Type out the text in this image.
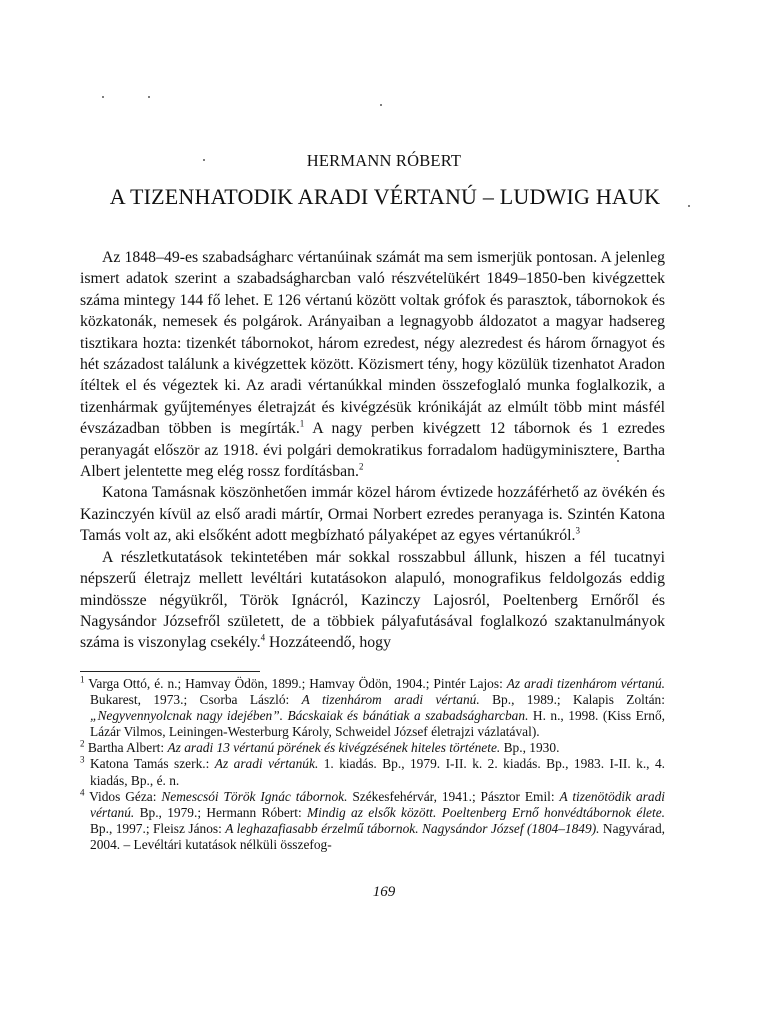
HERMANN RÓBERT
A TIZENHATODIK ARADI VÉRTANÚ – LUDWIG HAUK

Az 1848–49-es szabadságharc vértanúinak számát ma sem ismerjük pontosan. A jelenleg ismert adatok szerint a szabadságharcban való részvételükért 1849–1850-ben kivégzettek száma mintegy 144 fő lehet. E 126 vértanú között voltak grófok és parasztok, tábornokok és közkatonák, nemesek és polgárok. Arányaiban a legnagyobb áldozatot a magyar hadsereg tisztikara hozta: tizenkét tábornokot, három ezredest, négy alezredest és három őrnagyot és hét századost találunk a kivégzettek között. Közismert tény, hogy közülük tizenhatot Aradon ítéltek el és végeztek ki. Az aradi vértanúkkal minden összefoglaló munka foglalkozik, a tizenhármak gyűjteményes életrajzát és kivégzésük krónikáját az elmúlt több mint másfél évszázadban többen is megírták.$^1$ A nagy perben kivégzett 12 tábornok és 1 ezredes peranyagát először az 1918. évi polgári demokratikus forradalom hadügyminisztere, Bartha Albert jelentette meg elég rossz fordításban.$^2$

Katona Tamásnak köszönhetően immár közel három évtizede hozzáférhető az övékén és Kazinczyén kívül az első aradi mártír, Ormai Norbert ezredes peranyaga is. Szintén Katona Tamás volt az, aki elsőként adott megbízható pályaképet az egyes vértanúkról.$^3$

A részletkutatások tekintetében már sokkal rosszabbul állunk, hiszen a fél tucatnyi népszerű életrajz mellett levéltári kutatásokon alapuló, monografikus feldolgozás eddig mindössze négyükről, Török Ignácról, Kazinczy Lajosról, Poeltenberg Ernőről és Nagysándor Józsefről született, de a többiek pályafutásával foglalkozó szaktanulmányok száma is viszonylag csekély.$^4$ Hozzáteendő, hogy

$^1$ Varga Ottó, é. n.; Hamvay Ödön, 1899.; Hamvay Ödön, 1904.; Pintér Lajos: Az aradi tizenhárom vértanú. Bukarest, 1973.; Csorba László: A tizenhárom aradi vértanú. Bp., 1989.; Kalapis Zoltán: „Negyvennyolcnak nagy idejében”. Bácskaiak és bánátiak a szabadságharcban. H. n., 1998. (Kiss Ernő, Lázár Vilmos, Leiningen-Westerburg Károly, Schweidel József életrajzi vázlatával).

$^2$ Bartha Albert: Az aradi 13 vértanú pörének és kivégzésének hiteles története. Bp., 1930.

$^3$ Katona Tamás szerk.: Az aradi vértanúk. 1. kiadás. Bp., 1979. I-II. k. 2. kiadás. Bp., 1983. I-II. k., 4. kiadás, Bp., é. n.

$^4$ Vidos Géza: Nemescsói Török Ignác tábornok. Székesfehérvár, 1941.; Pásztor Emil: A tizenötödik aradi vértanú. Bp., 1979.; Hermann Róbert: Mindig az elsők között. Poeltenberg Ernő honvédtábornok élete. Bp., 1997.; Fleisz János: A leghazafiasabb érzelmű tábornok. Nagysándor József (1804–1849). Nagyvárad, 2004. – Levéltári kutatások nélküli összefog-

169
